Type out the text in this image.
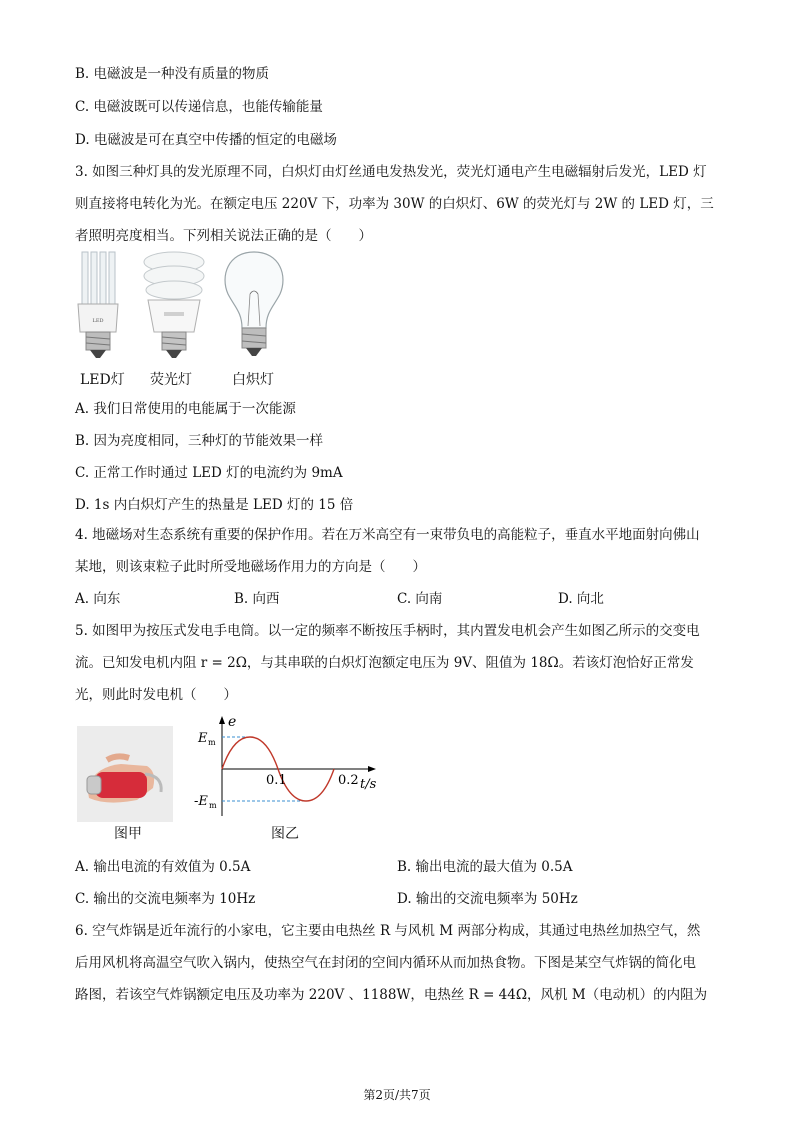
B. 电磁波是一种没有质量的物质
C. 电磁波既可以传递信息，也能传输能量
D. 电磁波是可在真空中传播的恒定的电磁场
3. 如图三种灯具的发光原理不同，白炽灯由灯丝通电发热发光，荧光灯通电产生电磁辐射后发光，LED 灯
则直接将电转化为光。在额定电压 220V 下，功率为 30W 的白炽灯、6W 的荧光灯与 2W 的 LED 灯，三
者照明亮度相当。下列相关说法正确的是（　　）
LED
LED灯 荧光灯	白炽灯
A. 我们日常使用的电能属于一次能源
B. 因为亮度相同，三种灯的节能效果一样
C. 正常工作时通过 LED 灯的电流约为 9mA
D. 1s 内白炽灯产生的热量是 LED 灯的 15 倍
4. 地磁场对生态系统有重要的保护作用。若在万米高空有一束带负电的高能粒子，垂直水平地面射向佛山
某地，则该束粒子此时所受地磁场作用力的方向是（　　）
A. 向东	B. 向西	C. 向南	D. 向北
5. 如图甲为按压式发电手电筒。以一定的频率不断按压手柄时，其内置发电机会产生如图乙所示的交变电
流。已知发电机内阻 r = 2Ω，与其串联的白炽灯泡额定电压为 9V、阻值为 18Ω。若该灯泡恰好正常发
光，则此时发电机（　　）
e
E m
-E m
0.1	0.2 t/s
图甲	图乙
A. 输出电流的有效值为 0.5A	B. 输出电流的最大值为 0.5A
C. 输出的交流电频率为 10Hz	D. 输出的交流电频率为 50Hz
6. 空气炸锅是近年流行的小家电，它主要由电热丝 R 与风机 M 两部分构成，其通过电热丝加热空气，然
后用风机将高温空气吹入锅内，使热空气在封闭的空间内循环从而加热食物。下图是某空气炸锅的简化电
路图，若该空气炸锅额定电压及功率为 220V 、1188W，电热丝 R = 44Ω，风机 M（电动机）的内阻为
第2页/共7页
